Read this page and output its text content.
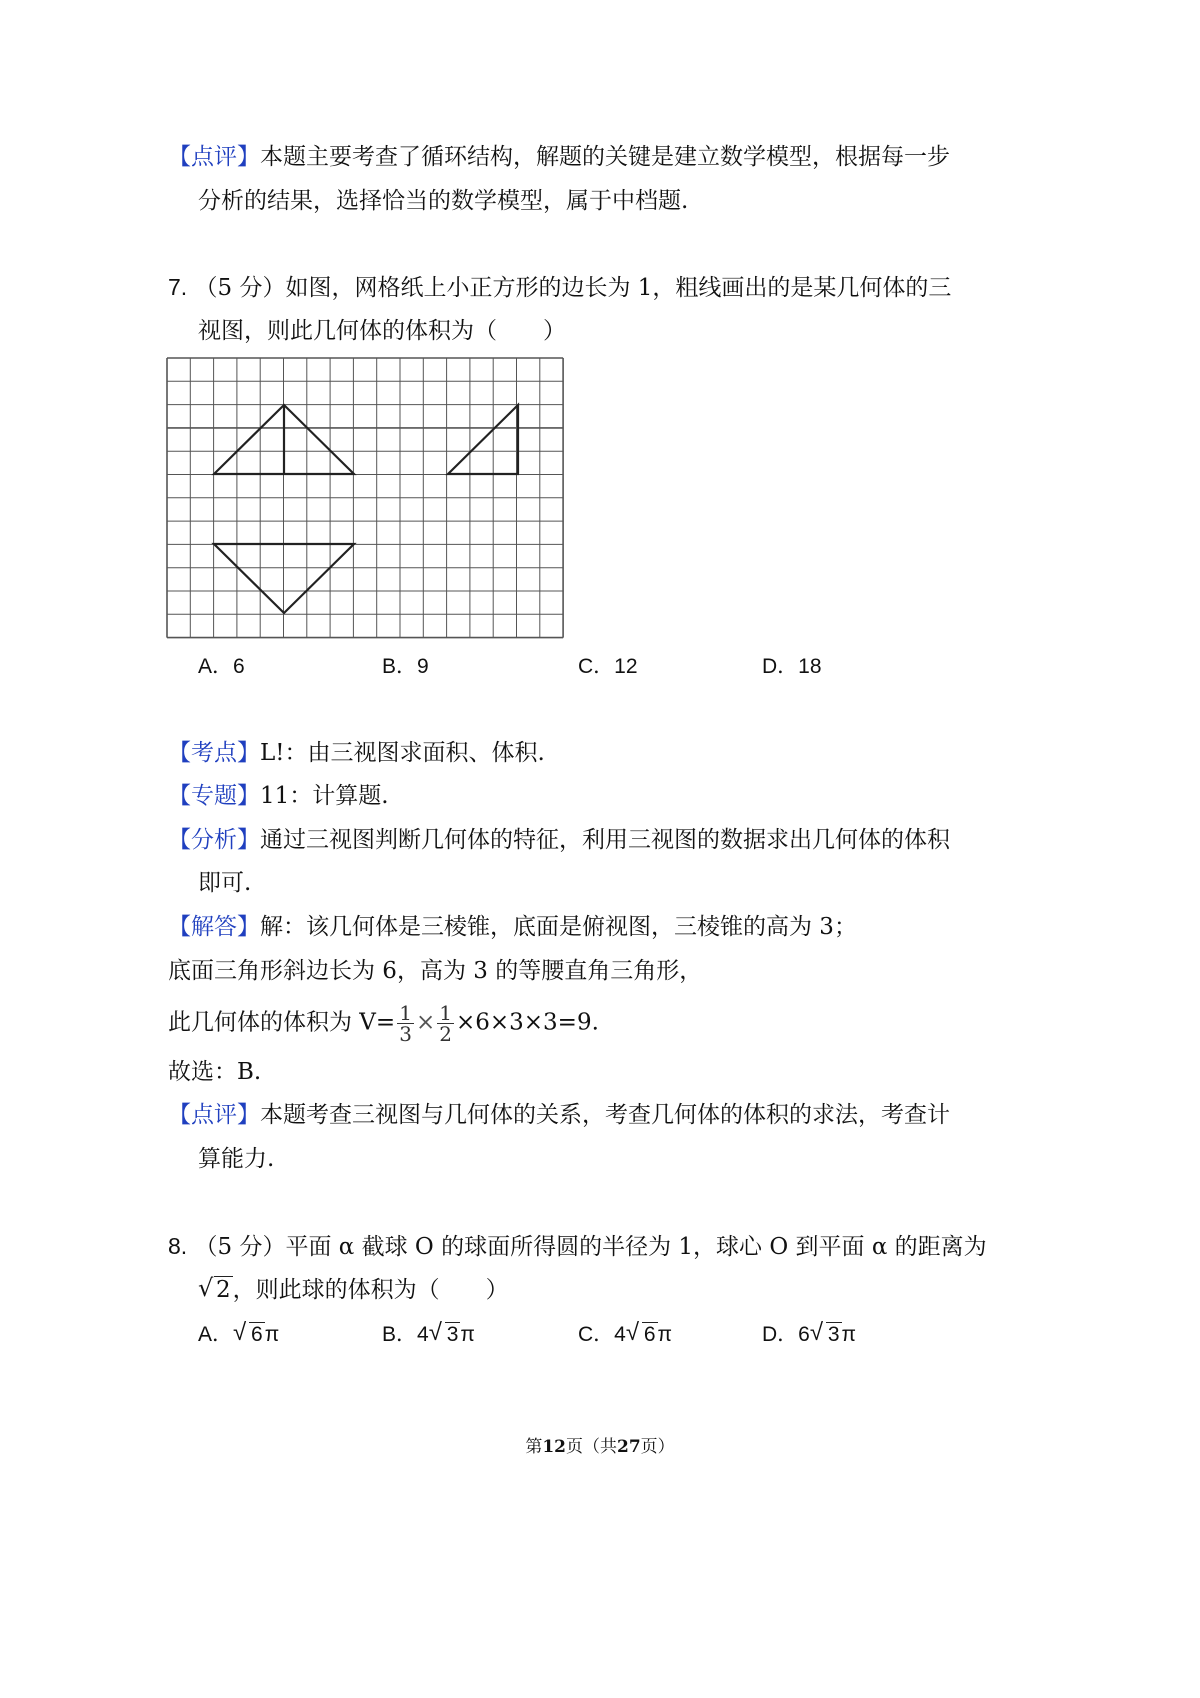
【点评】本题主要考查了循环结构，解题的关键是建立数学模型，根据每一步
分析的结果，选择恰当的数学模型，属于中档题.
7. （5 分）如图，网格纸上小正方形的边长为 1，粗线画出的是某几何体的三
视图，则此几何体的体积为（　　）
A．6	B．9	C．12	D．18
【考点】L!：由三视图求面积、体积.
【专题】11：计算题.
【分析】通过三视图判断几何体的特征，利用三视图的数据求出几何体的体积
即可.
【解答】解：该几何体是三棱锥，底面是俯视图，三棱锥的高为 3；
底面三角形斜边长为 6，高为 3 的等腰直角三角形，
此几何体的体积为 $V= \frac{1}{3} \times \frac{1}{2} \times 6\times 3\times 3=9$.
故选：B.
【点评】本题考查三视图与几何体的关系，考查几何体的体积的求法，考查计
算能力.
8. （5 分）平面 α 截球 O 的球面所得圆的半径为 1，球心 O 到平面 α 的距离为
√ 2，则此球的体积为（　　）
A． √ 6π	B．4 √ 3π	C．4 √ 6π	D．6 √ 3π
第12页（共27页）
